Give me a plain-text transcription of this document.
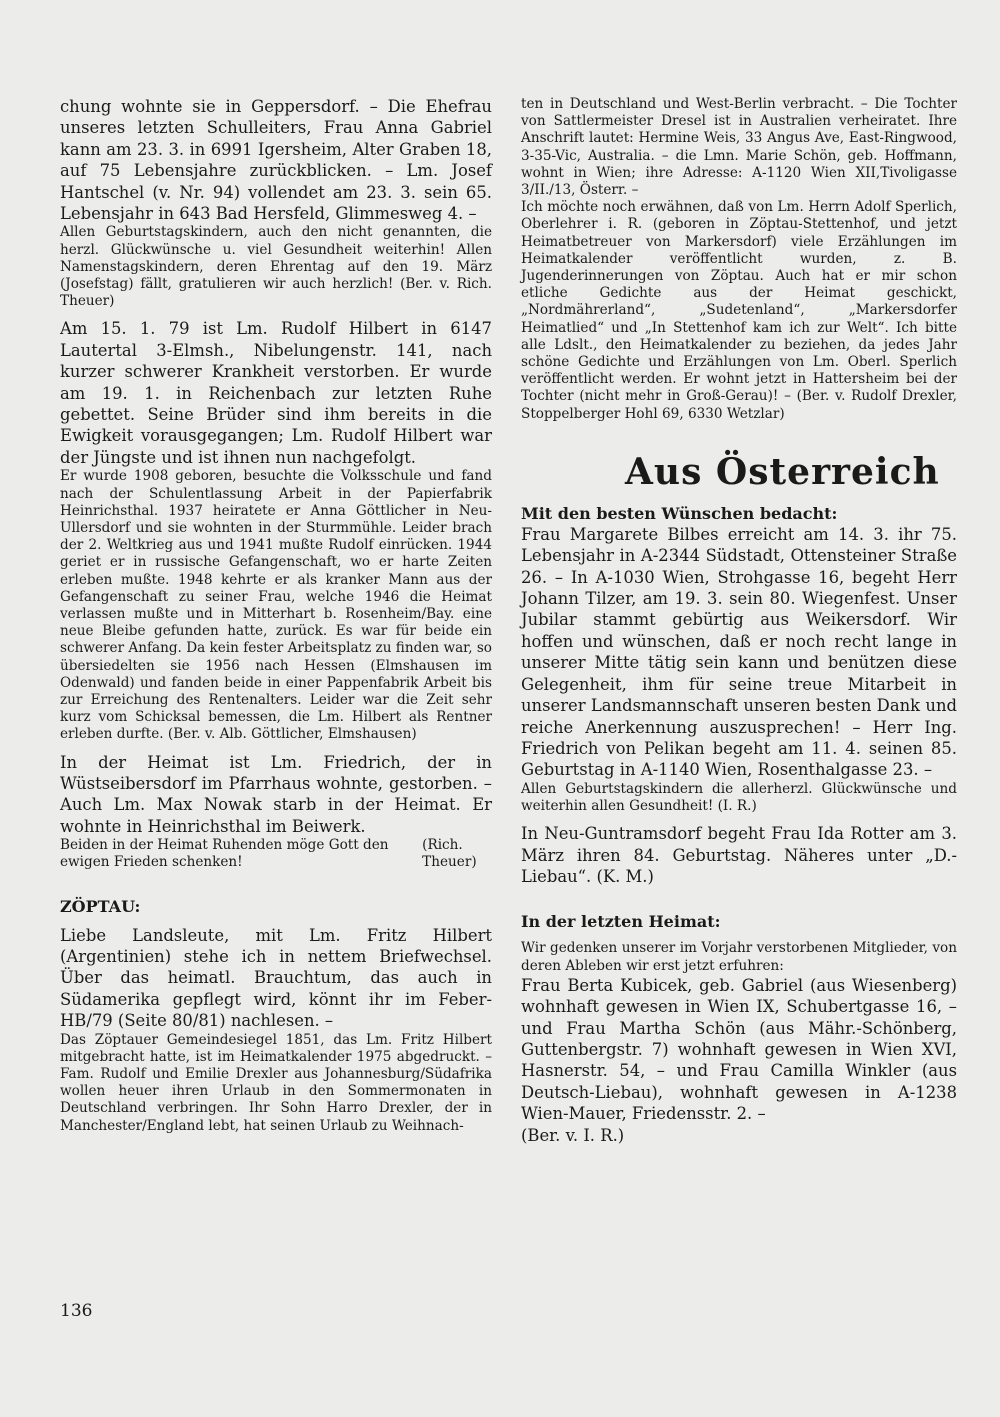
chung wohnte sie in Geppersdorf. – Die Ehefrau unseres letzten Schulleiters, Frau Anna Gabriel kann am 23. 3. in 6991 Igersheim, Alter Graben 18, auf 75 Lebensjahre zurückblicken. – Lm. Josef Hantschel (v. Nr. 94) vollendet am 23. 3. sein 65. Lebensjahr in 643 Bad Hersfeld, Glimmesweg 4. –

Allen Geburtstagskindern, auch den nicht genannten, die herzl. Glückwünsche u. viel Gesundheit weiterhin! Allen Namenstagskindern, deren Ehrentag auf den 19. März (Josefstag) fällt, gratulieren wir auch herzlich! (Ber. v. Rich. Theuer)

Am 15. 1. 79 ist Lm. Rudolf Hilbert in 6147 Lautertal 3-Elmsh., Nibelungenstr. 141, nach kurzer schwerer Krankheit verstorben. Er wurde am 19. 1. in Reichenbach zur letzten Ruhe gebettet. Seine Brüder sind ihm bereits in die Ewigkeit vorausgegangen; Lm. Rudolf Hilbert war der Jüngste und ist ihnen nun nachgefolgt.

Er wurde 1908 geboren, besuchte die Volksschule und fand nach der Schulentlassung Arbeit in der Papierfabrik Heinrichsthal. 1937 heiratete er Anna Göttlicher in Neu-Ullersdorf und sie wohnten in der Sturmmühle. Leider brach der 2. Weltkrieg aus und 1941 mußte Rudolf einrücken. 1944 geriet er in russische Gefangenschaft, wo er harte Zeiten erleben mußte. 1948 kehrte er als kranker Mann aus der Gefangenschaft zu seiner Frau, welche 1946 die Heimat verlassen mußte und in Mitterhart b. Rosenheim/Bay. eine neue Bleibe gefunden hatte, zurück. Es war für beide ein schwerer Anfang. Da kein fester Arbeitsplatz zu finden war, so übersiedelten sie 1956 nach Hessen (Elmshausen im Odenwald) und fanden beide in einer Pappenfabrik Arbeit bis zur Erreichung des Rentenalters. Leider war die Zeit sehr kurz vom Schicksal bemessen, die Lm. Hilbert als Rentner erleben durfte. (Ber. v. Alb. Göttlicher, Elmshausen)

In der Heimat ist Lm. Friedrich, der in Wüstseibersdorf im Pfarrhaus wohnte, gestorben. – Auch Lm. Max Nowak starb in der Heimat. Er wohnte in Heinrichsthal im Beiwerk.

Beiden in der Heimat Ruhenden möge Gott den ewigen Frieden schenken!
(Rich. Theuer)
ZÖPTAU:

Liebe Landsleute, mit Lm. Fritz Hilbert (Argentinien) stehe ich in nettem Briefwechsel. Über das heimatl. Brauchtum, das auch in Südamerika gepflegt wird, könnt ihr im Feber-HB/79 (Seite 80/81) nachlesen. –

Das Zöptauer Gemeindesiegel 1851, das Lm. Fritz Hilbert mitgebracht hatte, ist im Heimatkalender 1975 abgedruckt. – Fam. Rudolf und Emilie Drexler aus Johannesburg/Südafrika wollen heuer ihren Urlaub in den Sommermonaten in Deutschland verbringen. Ihr Sohn Harro Drexler, der in Manchester/England lebt, hat seinen Urlaub zu Weihnach-

ten in Deutschland und West-Berlin verbracht. – Die Tochter von Sattlermeister Dresel ist in Australien verheiratet. Ihre Anschrift lautet: Hermine Weis, 33 Angus Ave, East-Ringwood, 3-35-Vic, Australia. – die Lmn. Marie Schön, geb. Hoffmann, wohnt in Wien; ihre Adresse: A-1120 Wien XII,Tivoligasse 3/II./13, Österr. –

Ich möchte noch erwähnen, daß von Lm. Herrn Adolf Sperlich, Oberlehrer i. R. (geboren in Zöptau-Stettenhof, und jetzt Heimatbetreuer von Markersdorf) viele Erzählungen im Heimatkalender veröffentlicht wurden, z. B. Jugenderinnerungen von Zöptau. Auch hat er mir schon etliche Gedichte aus der Heimat geschickt, „Nordmährerland“, „Sudetenland“, „Markersdorfer Heimatlied“ und „In Stettenhof kam ich zur Welt“. Ich bitte alle Ldslt., den Heimatkalender zu beziehen, da jedes Jahr schöne Gedichte und Erzählungen von Lm. Oberl. Sperlich veröffentlicht werden. Er wohnt jetzt in Hattersheim bei der Tochter (nicht mehr in Groß-Gerau)! – (Ber. v. Rudolf Drexler, Stoppelberger Hohl 69, 6330 Wetzlar)

Aus Österreich
Mit den besten Wünschen bedacht:

Frau Margarete Bilbes erreicht am 14. 3. ihr 75. Lebensjahr in A-2344 Südstadt, Ottensteiner Straße 26. – In A-1030 Wien, Strohgasse 16, begeht Herr Johann Tilzer, am 19. 3. sein 80. Wiegenfest. Unser Jubilar stammt gebürtig aus Weikersdorf. Wir hoffen und wünschen, daß er noch recht lange in unserer Mitte tätig sein kann und benützen diese Gelegenheit, ihm für seine treue Mitarbeit in unserer Landsmannschaft unseren besten Dank und reiche Anerkennung auszusprechen! – Herr Ing. Friedrich von Pelikan begeht am 11. 4. seinen 85. Geburtstag in A-1140 Wien, Rosenthalgasse 23. –

Allen Geburtstagskindern die allerherzl. Glückwünsche und weiterhin allen Gesundheit! (I. R.)

In Neu-Guntramsdorf begeht Frau Ida Rotter am 3. März ihren 84. Geburtstag. Näheres unter „D.-Liebau“. (K. M.)

In der letzten Heimat:

Wir gedenken unserer im Vorjahr verstorbenen Mitglieder, von deren Ableben wir erst jetzt erfuhren:

Frau Berta Kubicek, geb. Gabriel (aus Wiesenberg) wohnhaft gewesen in Wien IX, Schubertgasse 16, – und Frau Martha Schön (aus Mähr.-Schönberg, Guttenbergstr. 7) wohnhaft gewesen in Wien XVI, Hasnerstr. 54, – und Frau Camilla Winkler (aus Deutsch-Liebau), wohnhaft gewesen in A-1238 Wien-Mauer, Friedensstr. 2. –

(Ber. v. I. R.)

136
